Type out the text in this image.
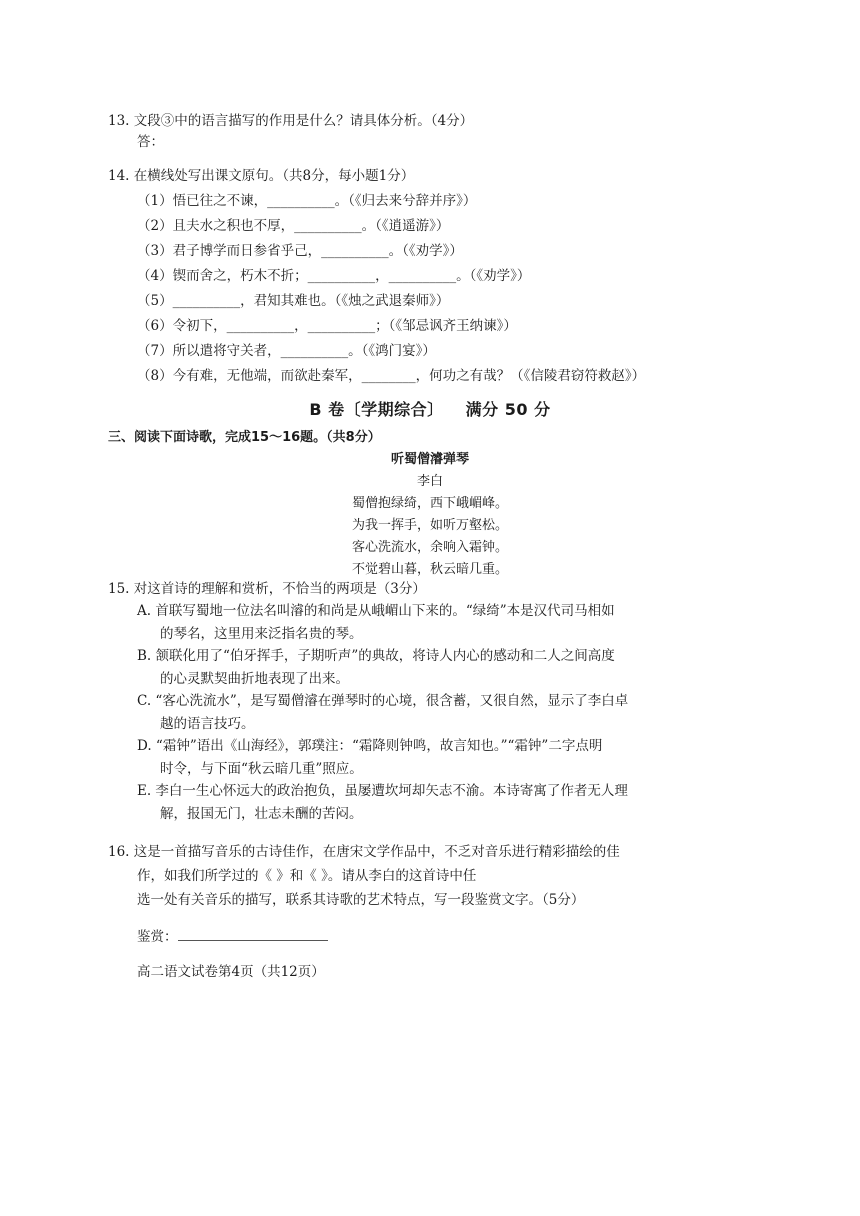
13. 文段③中的语言描写的作用是什么？请具体分析。（4分）
答：
14. 在横线处写出课文原句。（共8分，每小题1分）
（1）悟已往之不谏，__________。（《归去来兮辞并序》）
（2）且夫水之积也不厚，__________。（《逍遥游》）
（3）君子博学而日参省乎己，__________。（《劝学》）
（4）锲而舍之，朽木不折；__________，__________。（《劝学》）
（5）__________，君知其难也。（《烛之武退秦师》）
（6）令初下，__________，__________；（《邹忌讽齐王纳谏》）
（7）所以遣将守关者，__________。（《鸿门宴》）
（8）今有难，无他端，而欲赴秦军，________，何功之有哉？（《信陵君窃符救赵》）
B 卷〔学期综合〕 满分 50 分
三、阅读下面诗歌，完成15～16题。（共8分）
听蜀僧濬弹琴
李白
蜀僧抱绿绮，西下峨嵋峰。
为我一挥手，如听万壑松。
客心洗流水，余响入霜钟。
不觉碧山暮，秋云暗几重。
15. 对这首诗的理解和赏析，不恰当的两项是（3分）
A. 首联写蜀地一位法名叫濬的和尚是从峨嵋山下来的。“绿绮”本是汉代司马相如
的琴名，这里用来泛指名贵的琴。
B. 颔联化用了“伯牙挥手，子期听声”的典故，将诗人内心的感动和二人之间高度
的心灵默契曲折地表现了出来。
C. “客心洗流水”，是写蜀僧濬在弹琴时的心境，很含蓄，又很自然，显示了李白卓
越的语言技巧。
D. “霜钟”语出《山海经》，郭璞注：“霜降则钟鸣，故言知也。”“霜钟”二字点明
时令，与下面“秋云暗几重”照应。
E. 李白一生心怀远大的政治抱负，虽屡遭坎坷却矢志不渝。本诗寄寓了作者无人理
解，报国无门，壮志未酬的苦闷。
16. 这是一首描写音乐的古诗佳作，在唐宋文学作品中，不乏对音乐进行精彩描绘的佳
作，如我们所学过的《 》和《 》。请从李白的这首诗中任
选一处有关音乐的描写，联系其诗歌的艺术特点，写一段鉴赏文字。（5分）
鉴赏：
高二语文试卷第4页（共12页）
